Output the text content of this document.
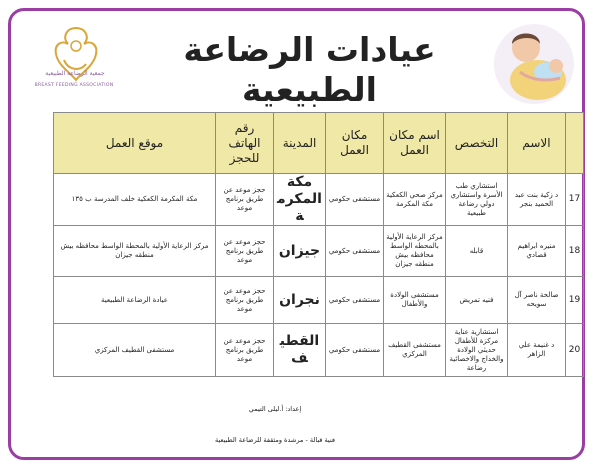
جمعية الرضاعة الطبيعية
BREAST FEEDING ASSOCIATION
عيادات الرضاعة الطبيعية
	الاسم	التخصص	اسم مكان العمل	مكان العمل	المدينة	رقم الهاتف للحجز	موقع العمل
17	د زكية بنت عبد الحميد بنجر	استشاري طب الأسرة واستشاري دولي رضاعة طبيعية	مركز صحي الكعكية مكة المكرمة	مستشفى حكومي	مكة المكرمة	حجز موعد عن طريق برنامج موعد	مكة المكرمة الكعكية خلف المدرسة ب ١٣٥
18	منيره ابراهيم قصادي	قابله	مركز الرعاية الأولية بالمحطه الواسط محافظه بيش منطقه جيزان	مستشفى حكومي	جيزان	حجز موعد عن طريق برنامج موعد	مركز الرعاية الأولية بالمحطة الواسط محافظه بيش منطقه جيزان
19	صالحة ناصر آل سويحه	فنيه تمريض	مستشفى الولادة والأطفال	مستشفى حكومي	نجران	حجز موعد عن طريق برنامج موعد	عيادة الرضاعة الطبيعية
20	د غنيمة علي الزاهر	استشارية عناية مركزة للأطفال حديثي الولادة والخداج والاخصائية رضاعة	مستشفى القطيف المركزي	مستشفى حكومي	القطيف	حجز موعد عن طريق برنامج موعد	مستشفى القطيف المركزي
إعداد: أ.ليلى التيمي
فنية قبالة - مرشدة ومثقفة للرضاعة الطبيعية
